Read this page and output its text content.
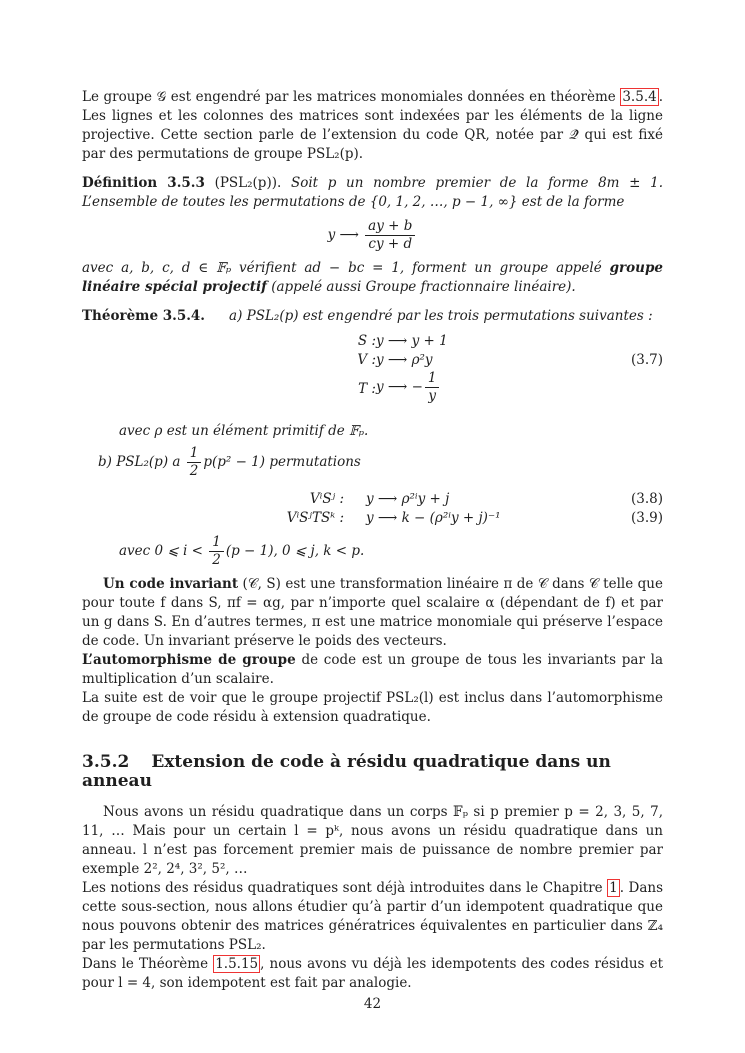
Le groupe 𝒢 est engendré par les matrices monomiales données en théorème 3.5.4 . Les lignes et les colonnes des matrices sont indexées par les éléments de la ligne projective. Cette section parle de l’extension du code QR, notée par 𝒬̂ qui est fixé par des permutations de groupe PSL₂(p).

Définition 3.5.3 (PSL₂(p)). Soit p un nombre premier de la forme 8m ± 1. L’ensemble de toutes les permutations de {0, 1, 2, …, p − 1, ∞} est de la forme

y ⟶ $\frac{ay + b}{cy + d}$

avec a, b, c, d ∈ 𝔽ₚ vérifient ad − bc = 1, forment un groupe appelé groupe linéaire spécial projectif (appelé aussi Groupe fractionnaire linéaire).

Théorème 3.5.4. a) PSL₂(p) est engendré par les trois permutations suivantes :
S : y ⟶ y + 1
V : y ⟶ ρ²y
T : y ⟶ − $\frac{1}{y}$
(3.7)

avec ρ est un élément primitif de 𝔽ₚ.

b) PSL₂(p) a $\frac{1}{2} p(p^2 - 1)$ permutations

VⁱSʲ : y ⟶ ρ²ⁱy + j	(3.8)
VⁱSʲTSᵏ : y ⟶ k − (ρ²ⁱy + j)⁻¹	(3.9)

avec 0 ⩽ $i < \frac{1}{2} (p - 1)$, 0 ⩽ j, k < p.

Un code invariant (𝒞, S) est une transformation linéaire π de 𝒞 dans 𝒞 telle que pour toute f dans S, πf = αg, par n’importe quel scalaire α (dépendant de f) et par un g dans S. En d’autres termes, π est une matrice monomiale qui préserve l’espace de code. Un invariant préserve le poids des vecteurs.

L’automorphisme de groupe de code est un groupe de tous les invariants par la multiplication d’un scalaire.

La suite est de voir que le groupe projectif PSL₂(l) est inclus dans l’automorphisme de groupe de code résidu à extension quadratique.

3.5.2 Extension de code à résidu quadratique dans un anneau

Nous avons un résidu quadratique dans un corps 𝔽ₚ si p premier p = 2, 3, 5, 7, 11, … Mais pour un certain l = pᵏ, nous avons un résidu quadratique dans un anneau. l n’est pas forcement premier mais de puissance de nombre premier par exemple 2², 2⁴, 3², 5², …

Les notions des résidus quadratiques sont déjà introduites dans le Chapitre 1 . Dans cette sous-section, nous allons étudier qu’à partir d’un idempotent quadratique que nous pouvons obtenir des matrices génératrices équivalentes en particulier dans ℤ₄ par les permutations PSL₂.

Dans le Théorème 1.5.15 , nous avons vu déjà les idempotents des codes résidus et pour l = 4, son idempotent est fait par analogie.

42
